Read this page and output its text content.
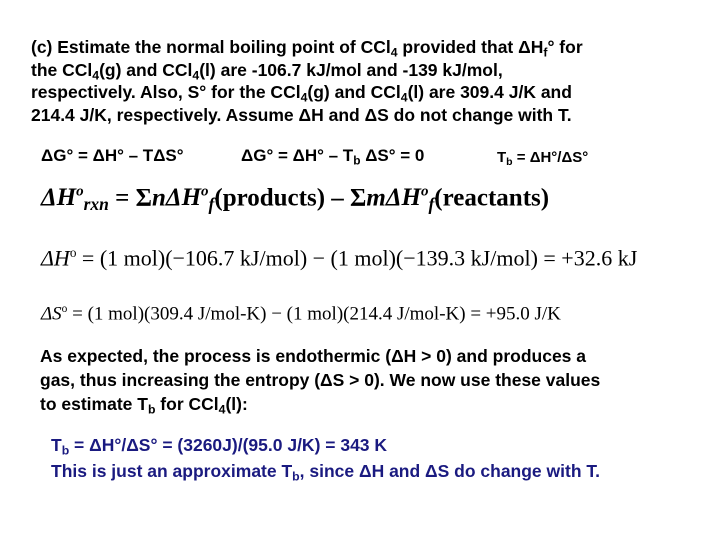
(c) Estimate the normal boiling point of CCl$_4$ provided that $\Delta H_f^\circ$ for
the CCl$_4$(g) and CCl$_4$(l) are -106.7 kJ/mol and -139 kJ/mol,
respectively. Also, S° for the CCl$_4$(g) and CCl$_4$(l) are 309.4 J/K and
214.4 J/K, respectively. Assume ΔH and ΔS do not change with T.
ΔG° = ΔH° – TΔS°	$\Delta G^\circ = \Delta H^\circ - T_b$ ΔS° = 0	$T_b = \Delta H^\circ/\Delta S^\circ$
$\Delta H^o_{rxn}$ = ΣnΔH$^o_f$(products) – ΣmΔH$^o_f$(reactants)
$\Delta H^o = (1$ mol)(−106.7 kJ/mol) − (1 mol)(−139.3 kJ/mol) = +32.6 kJ
$\Delta S^o = (1$ mol)(309.4 J/mol-K) − (1 mol)(214.4 J/mol-K) = +95.0 J/K
As expected, the process is endothermic (ΔH > 0) and produces a
gas, thus increasing the entropy (ΔS > 0). We now use these values
to estimate $T_b$ for CCl$_4$(l):
$T_b = \Delta H^\circ/\Delta S^\circ = (3260J)/(95.0$ J/K) = 343 K
This is just an approximate $T_b$, since ΔH and ΔS do change with T.
